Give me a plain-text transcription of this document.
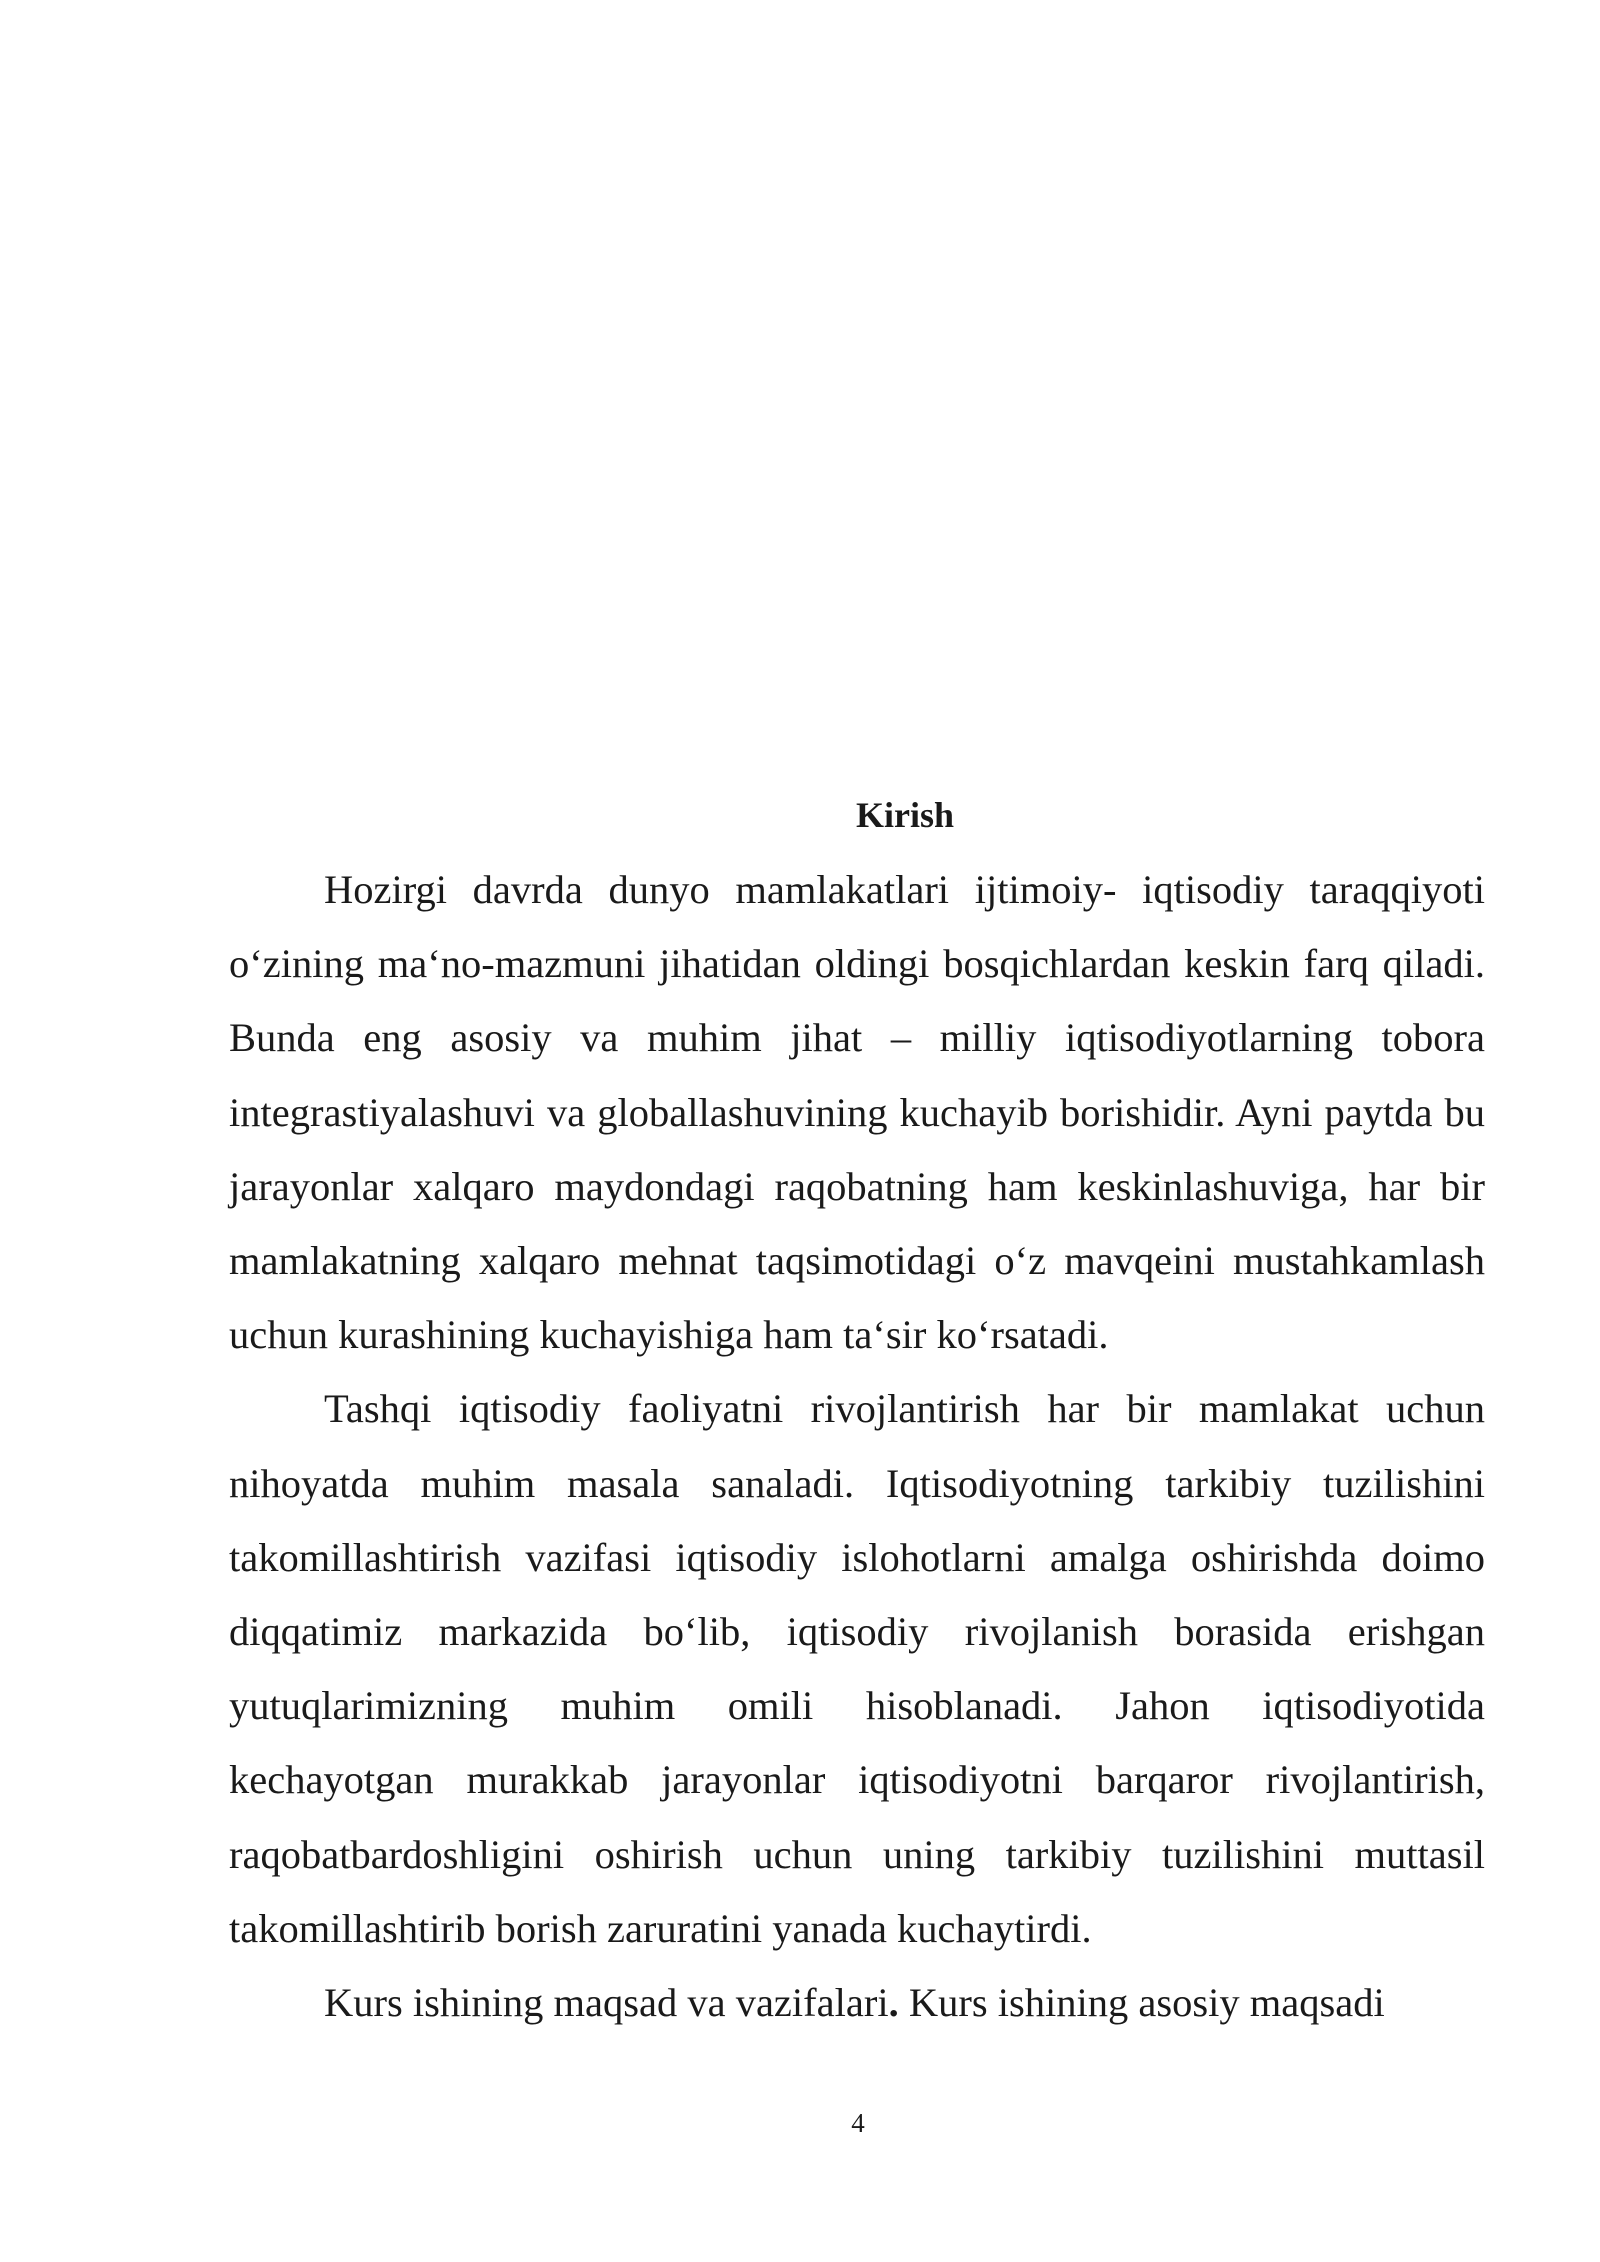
Kirish

Hozirgi davrda dunyo mamlakatlari ijtimoiy- iqtisodiy taraqqiyoti o‘zining ma‘no-mazmuni jihatidan oldingi bosqichlardan keskin farq qiladi. Bunda eng asosiy va muhim jihat – milliy iqtisodiyotlarning tobora integrastiyalashuvi va globallashuvining kuchayib borishidir. Ayni paytda bu jarayonlar xalqaro maydondagi raqobatning ham keskinlashuviga, har bir mamlakatning xalqaro mehnat taqsimotidagi o‘z mavqeini mustahkamlash uchun kurashining kuchayishiga ham ta‘sir ko‘rsatadi.

Tashqi iqtisodiy faoliyatni rivojlantirish har bir mamlakat uchun nihoyatda muhim masala sanaladi. Iqtisodiyotning tarkibiy tuzilishini takomillashtirish vazifasi iqtisodiy islohotlarni amalga oshirishda doimo diqqatimiz markazida bo‘lib, iqtisodiy rivojlanish borasida erishgan yutuqlarimizning muhim omili hisoblanadi. Jahon iqtisodiyotida kechayotgan murakkab jarayonlar iqtisodiyotni barqaror rivojlantirish, raqobatbardoshligini oshirish uchun uning tarkibiy tuzilishini muttasil takomillashtirib borish zaruratini yanada kuchaytirdi.

Kurs ishining maqsad va vazifalari. Kurs ishining asosiy maqsadi

4
